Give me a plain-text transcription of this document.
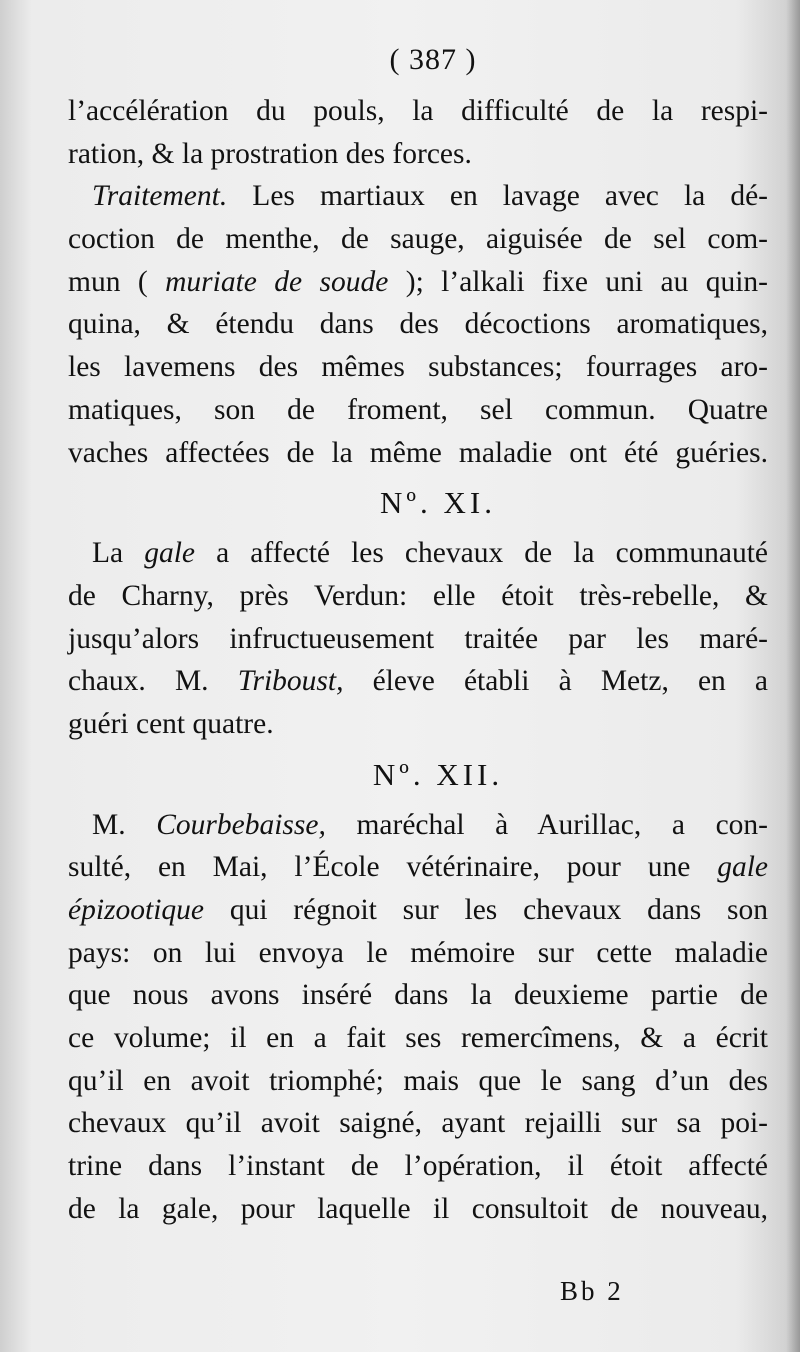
( 387 )
l’accélération du pouls, la difficulté de la respi-
ration, & la prostration des forces.
Traitement. Les martiaux en lavage avec la dé-
coction de menthe, de sauge, aiguisée de sel com-
mun ( muriate de soude ); l’alkali fixe uni au quin-
quina, & étendu dans des décoctions aromatiques,
les lavemens des mêmes substances; fourrages aro-
matiques, son de froment, sel commun. Quatre
vaches affectées de la même maladie ont été guéries.
Nº. XI.
La gale a affecté les chevaux de la communauté
de Charny, près Verdun: elle étoit très-rebelle, &
jusqu’alors infructueusement traitée par les maré-
chaux. M. Triboust, éleve établi à Metz, en a
guéri cent quatre.
Nº. XII.
M. Courbebaisse, maréchal à Aurillac, a con-
sulté, en Mai, l’École vétérinaire, pour une gale
épizootique qui régnoit sur les chevaux dans son
pays: on lui envoya le mémoire sur cette maladie
que nous avons inséré dans la deuxieme partie de
ce volume; il en a fait ses remercîmens, & a écrit
qu’il en avoit triomphé; mais que le sang d’un des
chevaux qu’il avoit saigné, ayant rejailli sur sa poi-
trine dans l’instant de l’opération, il étoit affecté
de la gale, pour laquelle il consultoit de nouveau,
Bb 2
